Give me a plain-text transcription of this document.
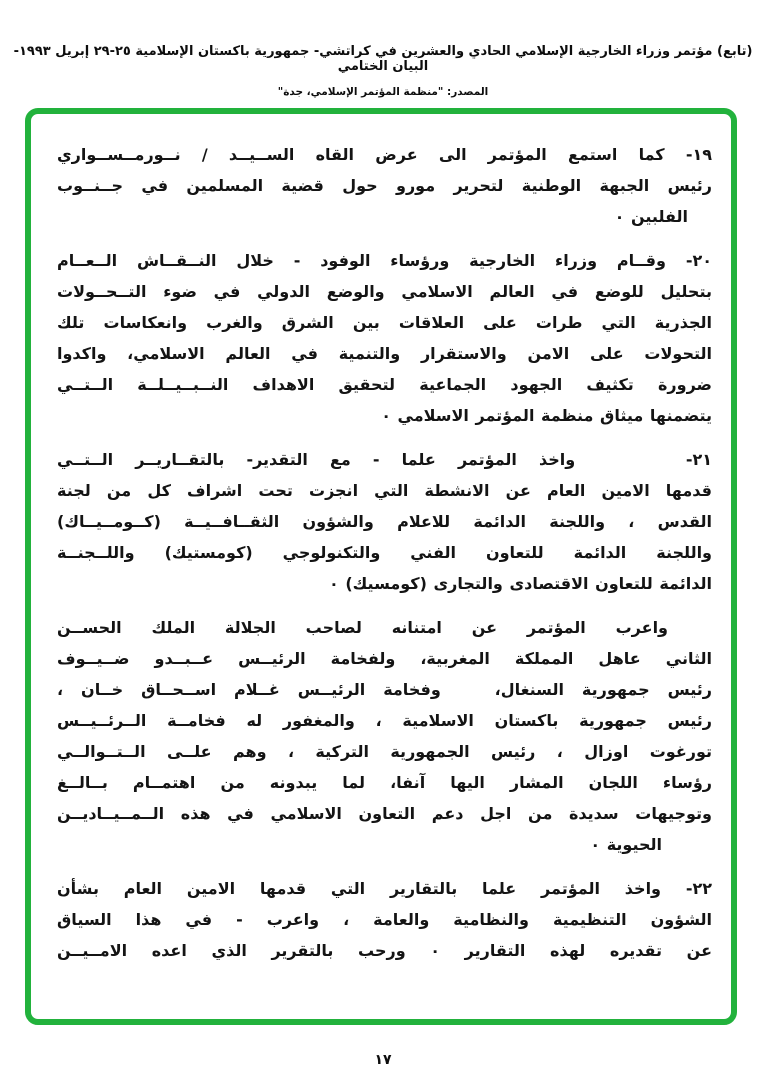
(تابع) مؤتمر وزراء الخارجية الإسلامي الحادي والعشرين في كراتشي- جمهورية باكستان الإسلامية ٢٥-٢٩ إبريل ١٩٩٣- البيان الختامي
المصدر: "منظمة المؤتمر الإسلامي، جدة"
١٩- كما استمع المؤتمر الى عرض القاه الســيــد / نــورمــســواري
رئيس الجبهة الوطنية لتحرير مورو حول قضية المسلمين في جــنــوب
الفلبين ٠
٢٠- وقــام وزراء الخارجية ورؤساء الوفود - خلال النــقــاش الــعــام
بتحليل للوضع في العالم الاسلامي والوضع الدولي في ضوء التــحــولات
الجذرية التي طرات على العلاقات بين الشرق والغرب وانعكاسات تلك
التحولات على الامن والاستقرار والتنمية في العالم الاسلامي، واكدوا
ضرورة تكثيف الجهود الجماعية لتحقيق الاهداف النــبــيــلــة الــتــي
يتضمنها ميثاق منظمة المؤتمر الاسلامي ٠
٢١-     واخذ المؤتمر علما - مع التقدير- بالتقــاريــر الــتــي
قدمها الامين العام عن الانشطة التي انجزت تحت اشراف كل من لجنة
القدس ، واللجنة الدائمة للاعلام والشؤون الثقــافــيــة (كــومــيــاك)
واللجنة الدائمة للتعاون الفني والتكنولوجي (كومستيك) واللــجنــة
الدائمة للتعاون الاقتصادى والتجارى (كومسيك) ٠
واعرب المؤتمر عن امتنانه لصاحب الجلالة الملك الحســن
الثاني عاهل المملكة المغربية، ولفخامة الرئيــس عــبــدو ضــيــوف
رئيس جمهورية السنغال،   وفخامة الرئيــس غــلام اســحــاق خــان ،
رئيس جمهورية باكستان الاسلامية ، والمغفور له فخامــة الــرئــيــس
تورغوت اوزال ، رئيس الجمهورية التركية ، وهم علــى الــتــوالــي
رؤساء اللجان المشار اليها آنفا، لما يبدونه من اهتمــام بــالــغ
وتوجيهات سديدة من اجل دعم التعاون الاسلامي في هذه الــمــيــاديــن
الحيوية ٠
٢٢- واخذ المؤتمر علما بالتقارير التي قدمها الامين العام بشأن
الشؤون التنظيمية والنظامية والعامة ، واعرب - في هذا السياق
عن تقديره لهذه التقارير ٠ ورحب بالتقرير الذي اعده الامــيــن
١٧
